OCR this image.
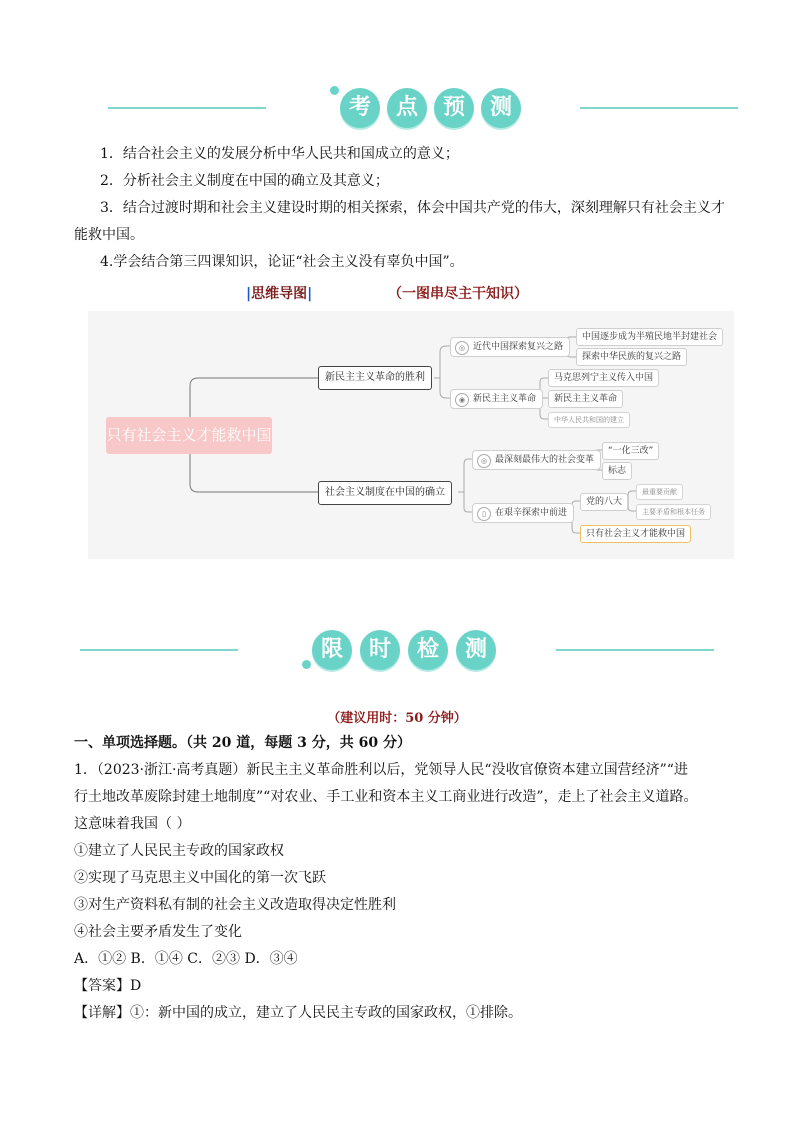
考	点	预	测
1．结合社会主义的发展分析中华人民共和国成立的意义；
2．分析社会主义制度在中国的确立及其意义；
3．结合过渡时期和社会主义建设时期的相关探索，体会中国共产党的伟大，深刻理解只有社会主义才
能救中国。
4.学会结合第三四课知识，论证“社会主义没有辜负中国”。
|思维导图|	（一图串尽主干知识）
只有社会主义才能救中国
新民主主义革命的胜利
◎ 近代中国探索复兴之路
中国逐步成为半殖民地半封建社会
探索中华民族的复兴之路
◉ 新民主主义革命
马克思列宁主义传入中国
新民主主义革命
中华人民共和国的建立
社会主义制度在中国的确立
◎ 最深刻最伟大的社会变革
“一化三改”
标志
▯	在艰辛探索中前进
党的八大
最重要贡献
主要矛盾和根本任务
只有社会主义才能救中国
限	时	检	测
（建议用时：50 分钟）
一、单项选择题。（共 20 道，每题 3 分，共 60 分）
1．（2023·浙江·高考真题）新民主主义革命胜利以后，党领导人民“没收官僚资本建立国营经济”“进
行土地改革废除封建土地制度”“对农业、手工业和资本主义工商业进行改造”，走上了社会主义道路。
这意味着我国（ ）
①建立了人民民主专政的国家政权
②实现了马克思主义中国化的第一次飞跃
③对生产资料私有制的社会主义改造取得决定性胜利
④社会主要矛盾发生了变化
A．①② B．①④ C．②③ D．③④
【答案】D
【详解】①：新中国的成立，建立了人民民主专政的国家政权，①排除。
